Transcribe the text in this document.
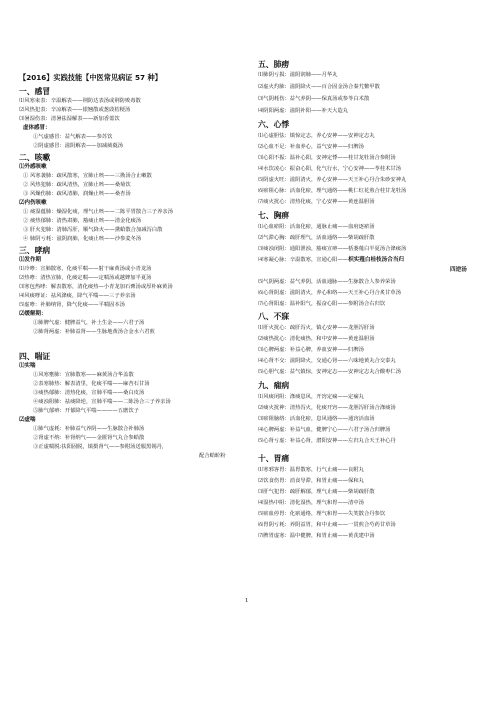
【2016】实践技能【中医常见病证 57 种】
一、感冒
⑴风寒束表：辛温解表——荆防达表汤或荆防败毒散
⑵风热犯表：辛凉解表——银翘散或葱豉桔梗汤
⑶暑湿伤表：清暑祛湿解表——新加香薷饮
虚体感冒：
①气虚感冒：益气解表——参苏饮
②阴虚感冒：滋阴解表——加减葳蕤汤
二、咳嗽
⑴外感咳嗽
① 风寒袭肺：疏风散寒，宣肺止咳——三拗汤合止嗽散
② 风热犯肺：疏风清热，宣肺止咳——桑菊饮
③ 风燥伤肺：疏风清肺，润燥止咳——桑杏汤
⑵内伤咳嗽
① 痰湿蕴肺：燥湿化痰，理气止咳——二陈平胃散合三子养亲汤
② 痰热郁肺：清热肃肺，豁痰止咳——清金化痰汤
③ 肝火犯肺：清肺泻肝，顺气降火——黛蛤散合加减泻白散
④ 肺阴亏耗：滋阴润肺，化痰止咳——沙参麦冬汤
三、哮病
⑴发作期
⑴冷哮：宣肺散寒，化痰平喘——射干麻黄汤或小青龙汤
⑵热哮：清热宣肺，化痰定喘——定喘汤或越婢加半夏汤
⑶寒包热哮：解表散寒，清化痰热—小青龙加石膏汤或厚朴麻黄汤
⑷风痰哮证：祛风涤痰，降气平喘——三子养亲汤
⑸虚哮：补肺纳肾，降气化痰——平喘固本汤
⑵缓解期：
①肺脾气虚：健脾益气，补土生金——六君子汤
②肺肾两虚：补肺益肾——生脉地黄汤合金水六君煎
四、喘证
⑴实喘
①风寒壅肺：宣肺散寒——麻黄汤合华盖散
②表寒肺热：解表清里，化痰平喘——麻杏石甘汤
③痰热郁肺：清热化痰，宣肺平喘——桑白皮汤
④痰浊阻肺：祛痰降逆，宣肺平喘——二陈汤合三子养亲汤
⑤肺气郁痹：开郁降气平喘————五磨饮子
⑵虚喘
①肺气虚耗：补肺益气养阴——生脉散合补肺汤
②肾虚不纳：补肾纳气——金匮肾气丸合参蛤散
③正虚喘脱:扶阳固脱，镇摄肾气——参附汤送服黑锡丹，
配合蛤蚧粉
五、肺痨
⑴肺阴亏损：滋阴润肺——月华丸
⑵虚火灼肺：滋阴降火——百合固金汤合秦艽鳖甲散
⑶气阴耗伤：益气养阴——保真汤或参苓白术散
⑷阴阳两虚：滋阴补阳——补天大造丸
六、心悸
⑴心虚胆怯：镇惊定志，养心安神——安神定志丸
⑵心血不足：补血养心，益气安神——归脾汤
⑶心阳不振：温补心阳，安神定悸——桂甘龙牡汤合参附汤
⑷水饮凌心：振奋心阳，化气行水，宁心安神——苓桂术甘汤
⑸阴虚火旺：滋阴清火，养心安神——天王补心丹合朱砂安神丸
⑹瘀阻心脉：活血化瘀，理气通络——桃仁红花煎合桂甘龙牡汤
⑺痰火扰心：清热化痰，宁心安神——黄连温胆汤
七、胸痹
⑴心血瘀阻：活血化瘀，通脉止痛——血府逐瘀汤
⑵气滞心胸：疏肝理气，活血通络——柴胡疏肝散
⑶痰浊闭阻：通阳泄浊，豁痰宣痹——栝蒌薤白半夏汤合涤痰汤
⑷寒凝心脉：辛温散寒，宣通心阳——枳实薤白桂枝汤合当归
四逆汤
⑸气阴两虚：益气养阴，活血通脉——生脉散合人参养荣汤
⑹心肾阴虚：滋阴清火，养心和络——天王补心丹合炙甘草汤
⑺心肾阳虚：温补阳气，振奋心阳——参附汤合右归饮
八、不寐
⑴肝火扰心：疏肝泻火，镇心安神——龙胆泻肝汤
⑵痰热扰心：清化痰热，和中安神——黄连温胆汤
⑶心脾两虚：补益心脾，养血安神——归脾汤
⑷心肾不交：滋阴降火，交通心肾——六味地黄丸合交泰丸
⑸心胆气虚：益气镇惊，安神定志——安神定志丸合酸枣仁汤
九、痫病
⑴风痰闭阻：涤痰息风，开窍定痫——定痫丸
⑵痰火扰神：清热泻火，化痰开窍——龙胆泻肝汤合涤痰汤
⑶瘀阻脑络：活血化瘀，息风通络——通窍活血汤
⑷心脾两虚：补益气血，健脾宁心——六君子汤合归脾汤
⑸心肾亏虚：补益心肾，潜阳安神——左归丸合天王补心丹
十、胃痛
⑴寒邪客胃：温胃散寒，行气止痛——良附丸
⑵饮食伤胃：消食导滞，和胃止痛——保和丸
⑶肝气犯胃：疏肝解郁，理气止痛——柴胡疏肝散
⑷湿热中阻：清化湿热，理气和胃——清中汤
⑸瘀血停胃：化瘀通络，理气和胃——失笑散合丹参饮
⑹胃阴亏耗：养阴益胃，和中止痛——一贯煎合芍药甘草汤
⑺脾胃虚寒：温中健脾，和胃止痛——黄芪建中汤
1
